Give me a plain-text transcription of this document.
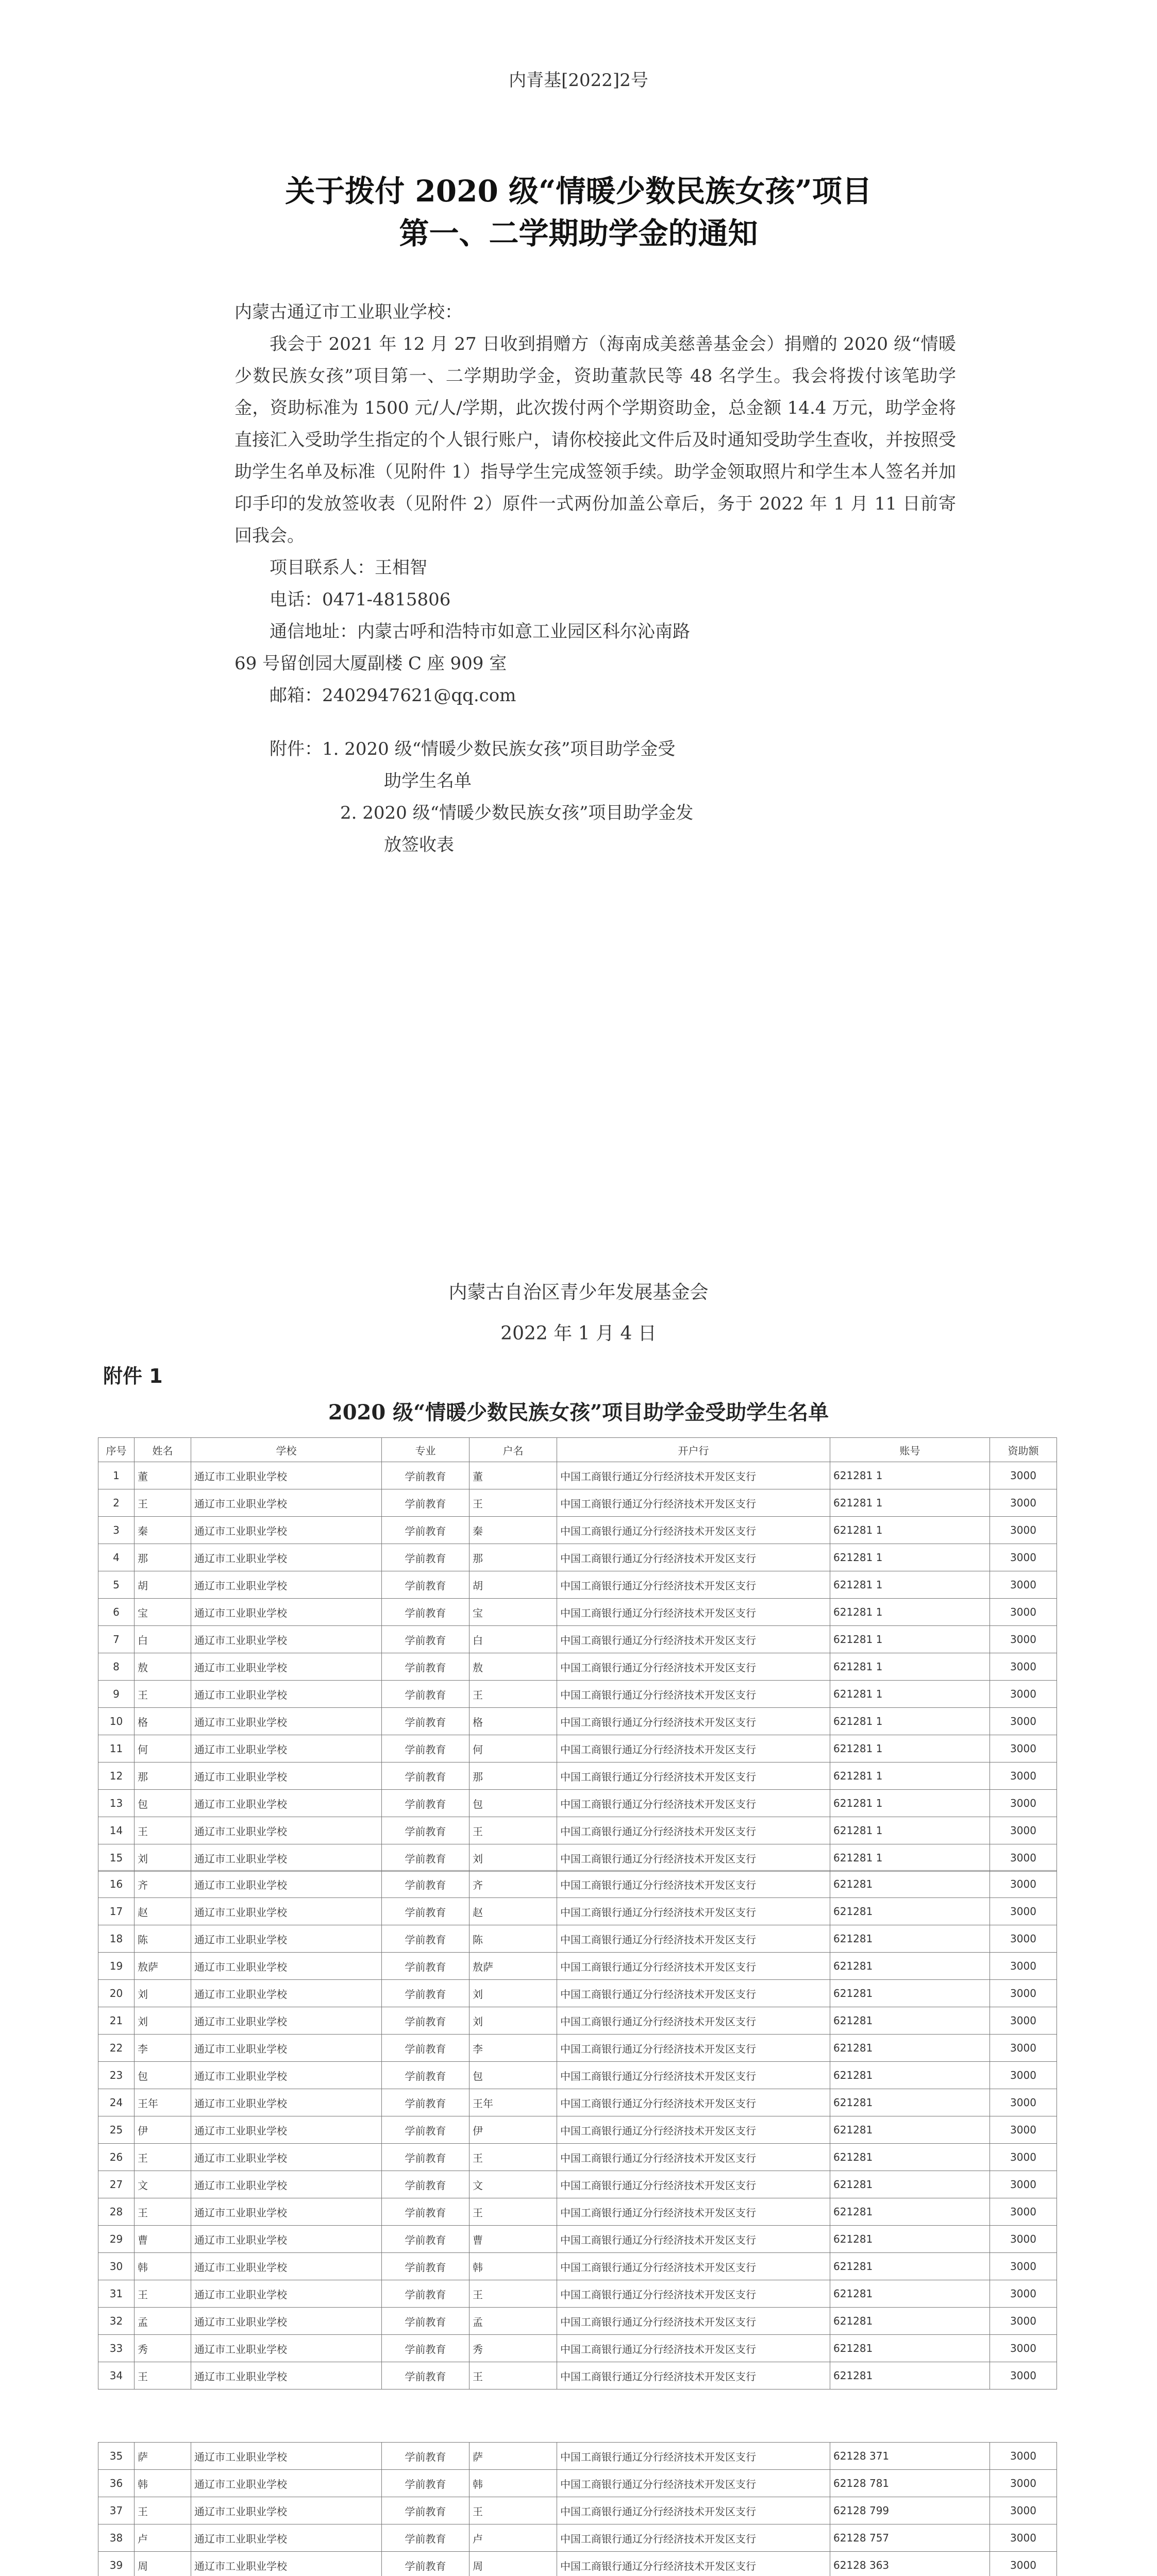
内青基[2022]2号
关于拨付 2020 级“情暖少数民族女孩”项目
第一、二学期助学金的通知

内蒙古通辽市工业职业学校：

我会于 2021 年 12 月 27 日收到捐赠方（海南成美慈善基金会）捐赠的 2020 级“情暖少数民族女孩”项目第一、二学期助学金，资助董款民等 48 名学生。我会将拨付该笔助学金，资助标准为 1500 元/人/学期，此次拨付两个学期资助金，总金额 14.4 万元，助学金将直接汇入受助学生指定的个人银行账户，请你校接此文件后及时通知受助学生查收，并按照受助学生名单及标准（见附件 1）指导学生完成签领手续。助学金领取照片和学生本人签名并加印手印的发放签收表（见附件 2）原件一式两份加盖公章后，务于 2022 年 1 月 11 日前寄回我会。

项目联系人：王相智

电话：0471-4815806

通信地址：内蒙古呼和浩特市如意工业园区科尔沁南路

69 号留创园大厦副楼 C 座 909 室

邮箱：2402947621@qq.com

附件：1. 2020 级“情暖少数民族女孩”项目助学金受

助学生名单

2. 2020 级“情暖少数民族女孩”项目助学金发

放签收表

内蒙古自治区青少年发展基金会
2022 年 1 月 4 日
附件 1
2020 级“情暖少数民族女孩”项目助学金受助学生名单
序号	姓名	学校	专业	户名	开户行	账号	资助额
1	董	通辽市工业职业学校	学前教育	董	中国工商银行通辽分行经济技术开发区支行	621281 1	3000
2	王	通辽市工业职业学校	学前教育	王	中国工商银行通辽分行经济技术开发区支行	621281 1	3000
3	秦	通辽市工业职业学校	学前教育	秦	中国工商银行通辽分行经济技术开发区支行	621281 1	3000
4	那	通辽市工业职业学校	学前教育	那	中国工商银行通辽分行经济技术开发区支行	621281 1	3000
5	胡	通辽市工业职业学校	学前教育	胡	中国工商银行通辽分行经济技术开发区支行	621281 1	3000
6	宝	通辽市工业职业学校	学前教育	宝	中国工商银行通辽分行经济技术开发区支行	621281 1	3000
7	白	通辽市工业职业学校	学前教育	白	中国工商银行通辽分行经济技术开发区支行	621281 1	3000
8	敖	通辽市工业职业学校	学前教育	敖	中国工商银行通辽分行经济技术开发区支行	621281 1	3000
9	王	通辽市工业职业学校	学前教育	王	中国工商银行通辽分行经济技术开发区支行	621281 1	3000
10	格	通辽市工业职业学校	学前教育	格	中国工商银行通辽分行经济技术开发区支行	621281 1	3000
11	何	通辽市工业职业学校	学前教育	何	中国工商银行通辽分行经济技术开发区支行	621281 1	3000
12	那	通辽市工业职业学校	学前教育	那	中国工商银行通辽分行经济技术开发区支行	621281 1	3000
13	包	通辽市工业职业学校	学前教育	包	中国工商银行通辽分行经济技术开发区支行	621281 1	3000
14	王	通辽市工业职业学校	学前教育	王	中国工商银行通辽分行经济技术开发区支行	621281 1	3000
15	刘	通辽市工业职业学校	学前教育	刘	中国工商银行通辽分行经济技术开发区支行	621281 1	3000
16	齐	通辽市工业职业学校	学前教育	齐	中国工商银行通辽分行经济技术开发区支行	621281	3000
17	赵	通辽市工业职业学校	学前教育	赵	中国工商银行通辽分行经济技术开发区支行	621281	3000
18	陈	通辽市工业职业学校	学前教育	陈	中国工商银行通辽分行经济技术开发区支行	621281	3000
19	敖萨	通辽市工业职业学校	学前教育	敖萨	中国工商银行通辽分行经济技术开发区支行	621281	3000
20	刘	通辽市工业职业学校	学前教育	刘	中国工商银行通辽分行经济技术开发区支行	621281	3000
21	刘	通辽市工业职业学校	学前教育	刘	中国工商银行通辽分行经济技术开发区支行	621281	3000
22	李	通辽市工业职业学校	学前教育	李	中国工商银行通辽分行经济技术开发区支行	621281	3000
23	包	通辽市工业职业学校	学前教育	包	中国工商银行通辽分行经济技术开发区支行	621281	3000
24	王年	通辽市工业职业学校	学前教育	王年	中国工商银行通辽分行经济技术开发区支行	621281	3000
25	伊	通辽市工业职业学校	学前教育	伊	中国工商银行通辽分行经济技术开发区支行	621281	3000
26	王	通辽市工业职业学校	学前教育	王	中国工商银行通辽分行经济技术开发区支行	621281	3000
27	文	通辽市工业职业学校	学前教育	文	中国工商银行通辽分行经济技术开发区支行	621281	3000
28	王	通辽市工业职业学校	学前教育	王	中国工商银行通辽分行经济技术开发区支行	621281	3000
29	曹	通辽市工业职业学校	学前教育	曹	中国工商银行通辽分行经济技术开发区支行	621281	3000
30	韩	通辽市工业职业学校	学前教育	韩	中国工商银行通辽分行经济技术开发区支行	621281	3000
31	王	通辽市工业职业学校	学前教育	王	中国工商银行通辽分行经济技术开发区支行	621281	3000
32	孟	通辽市工业职业学校	学前教育	孟	中国工商银行通辽分行经济技术开发区支行	621281	3000
33	秀	通辽市工业职业学校	学前教育	秀	中国工商银行通辽分行经济技术开发区支行	621281	3000
34	王	通辽市工业职业学校	学前教育	王	中国工商银行通辽分行经济技术开发区支行	621281	3000
35	萨	通辽市工业职业学校	学前教育	萨	中国工商银行通辽分行经济技术开发区支行	62128 371	3000
36	韩	通辽市工业职业学校	学前教育	韩	中国工商银行通辽分行经济技术开发区支行	62128 781	3000
37	王	通辽市工业职业学校	学前教育	王	中国工商银行通辽分行经济技术开发区支行	62128 799	3000
38	卢	通辽市工业职业学校	学前教育	卢	中国工商银行通辽分行经济技术开发区支行	62128 757	3000
39	周	通辽市工业职业学校	学前教育	周	中国工商银行通辽分行经济技术开发区支行	62128 363	3000
